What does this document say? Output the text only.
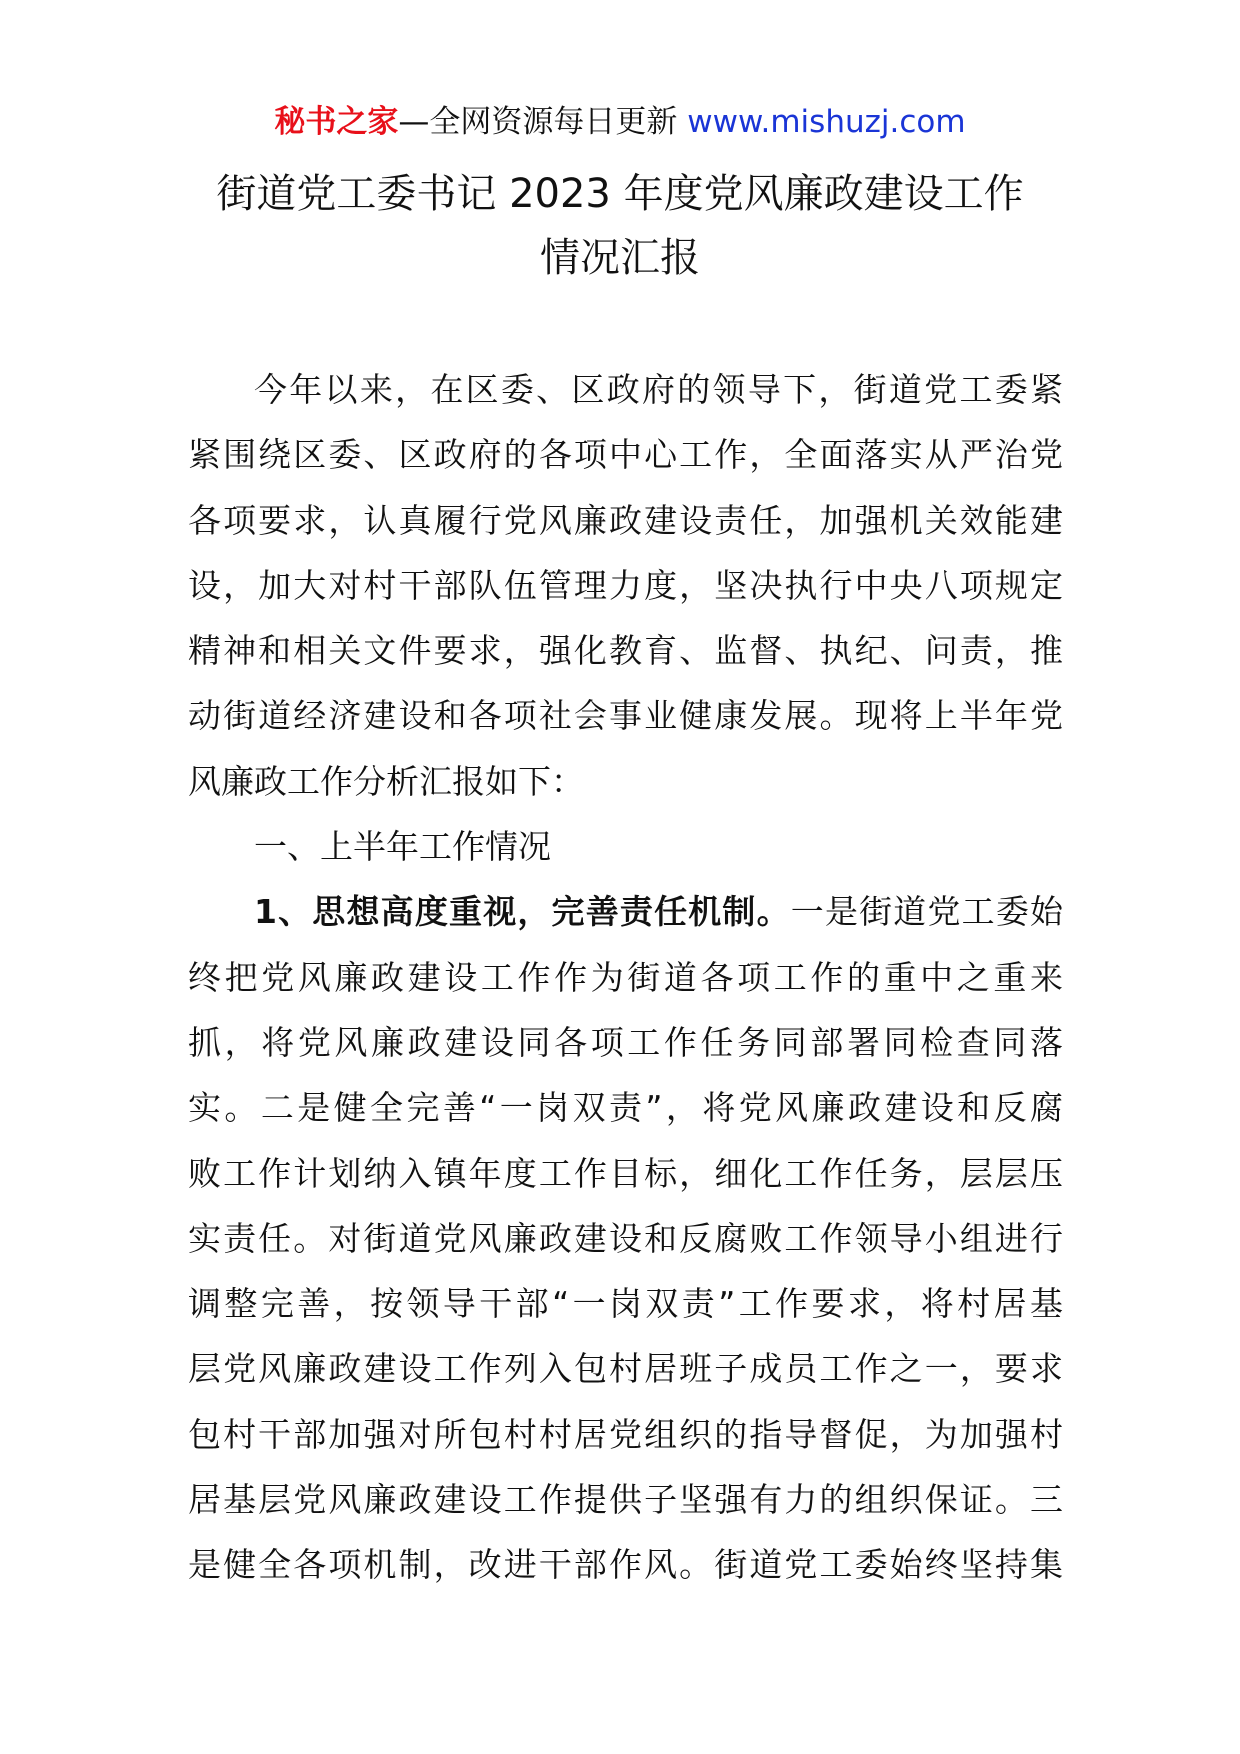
秘书之家—全网资源每日更新 www.mishuzj.com
街道党工委书记 2023 年度党风廉政建设工作
情况汇报
今年以来，在区委、区政府的领导下，街道党工委紧
紧围绕区委、区政府的各项中心工作，全面落实从严治党
各项要求，认真履行党风廉政建设责任，加强机关效能建
设，加大对村干部队伍管理力度，坚决执行中央八项规定
精神和相关文件要求，强化教育、监督、执纪、问责，推
动街道经济建设和各项社会事业健康发展。现将上半年党
风廉政工作分析汇报如下：
一、上半年工作情况
1、思想高度重视，完善责任机制。一是街道党工委始
终把党风廉政建设工作作为街道各项工作的重中之重来
抓，将党风廉政建设同各项工作任务同部署同检查同落
实。二是健全完善“一岗双责”，将党风廉政建设和反腐
败工作计划纳入镇年度工作目标，细化工作任务，层层压
实责任。对街道党风廉政建设和反腐败工作领导小组进行
调整完善，按领导干部“一岗双责”工作要求，将村居基
层党风廉政建设工作列入包村居班子成员工作之一，要求
包村干部加强对所包村村居党组织的指导督促，为加强村
居基层党风廉政建设工作提供子坚强有力的组织保证。三
是健全各项机制，改进干部作风。街道党工委始终坚持集
